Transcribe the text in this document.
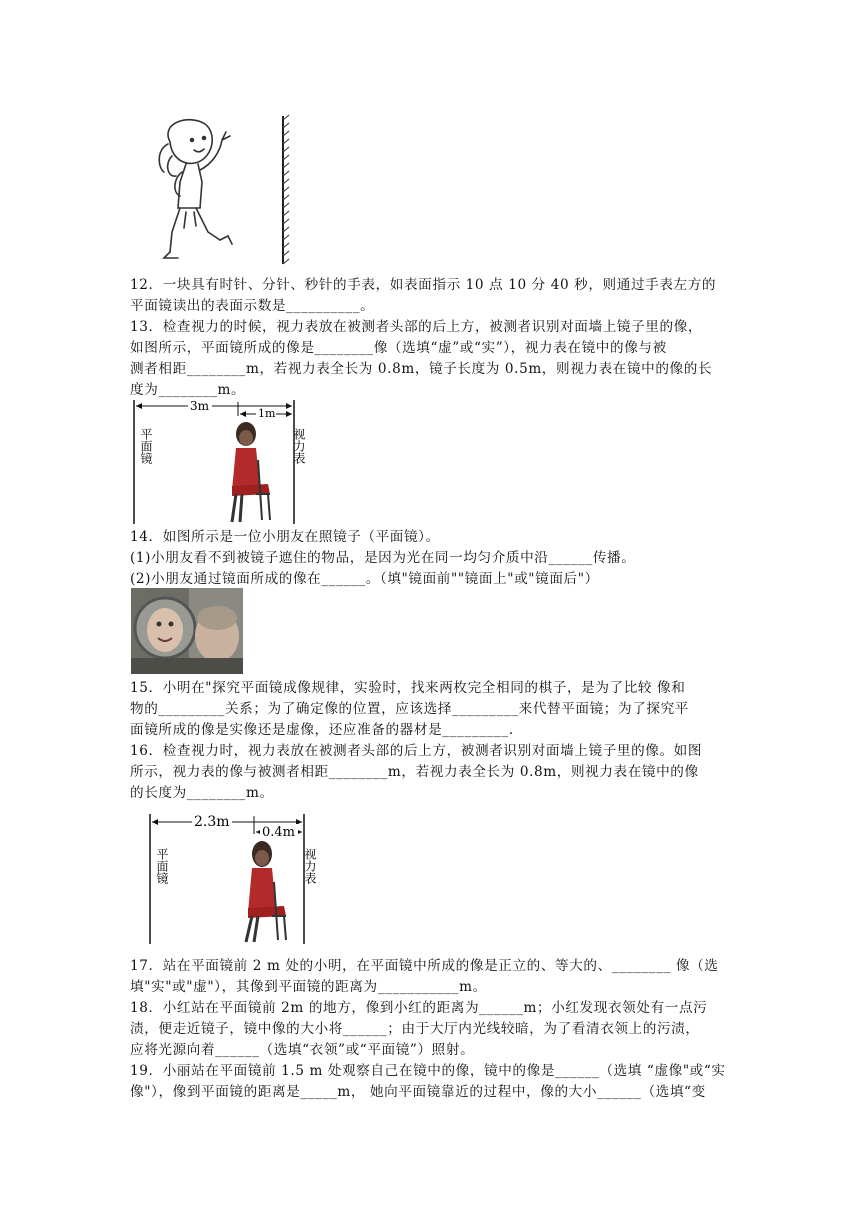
12．一块具有时针、分针、秒针的手表，如表面指示 10 点 10 分 40 秒，则通过手表左方的
平面镜读出的表面示数是__________。
13．检查视力的时候，视力表放在被测者头部的后上方，被测者识别对面墙上镜子里的像，
如图所示，平面镜所成的像是________像（选填“虚”或“实”），视力表在镜中的像与被
测者相距________m，若视力表全长为 0.8m，镜子长度为 0.5m，则视力表在镜中的像的长
度为________m。
3m
1m
平面镜	视力表
14．如图所示是一位小朋友在照镜子（平面镜）。
(1)小朋友看不到被镜子遮住的物品，是因为光在同一均匀介质中沿______传播。
(2)小朋友通过镜面所成的像在______。（填"镜面前""镜面上"或"镜面后"）
15．小明在"探究平面镜成像规律，实验时，找来两枚完全相同的棋子，是为了比较 像和
物的_________关系；为了确定像的位置，应该选择_________来代替平面镜；为了探究平
面镜所成的像是实像还是虚像，还应准备的器材是_________.
16．检查视力时，视力表放在被测者头部的后上方，被测者识别对面墙上镜子里的像。如图
所示，视力表的像与被测者相距________m，若视力表全长为 0.8m，则视力表在镜中的像
的长度为________m。
2.3m
0.4m
平面镜	视力表
17．站在平面镜前 2 m 处的小明，在平面镜中所成的像是正立的、等大的、________ 像（选
填"实"或"虚"），其像到平面镜的距离为___________m。
18．小红站在平面镜前 2m 的地方，像到小红的距离为______m；小红发现衣领处有一点污
渍，便走近镜子，镜中像的大小将______；由于大厅内光线较暗，为了看清衣领上的污渍，
应将光源向着______（选填“衣领”或“平面镜”）照射。
19．小丽站在平面镜前 1.5 m 处观察自己在镜中的像，镜中的像是______（选填 “虚像"或“实
像"），像到平面镜的距离是_____m， 她向平面镜靠近的过程中，像的大小______（选填“变
